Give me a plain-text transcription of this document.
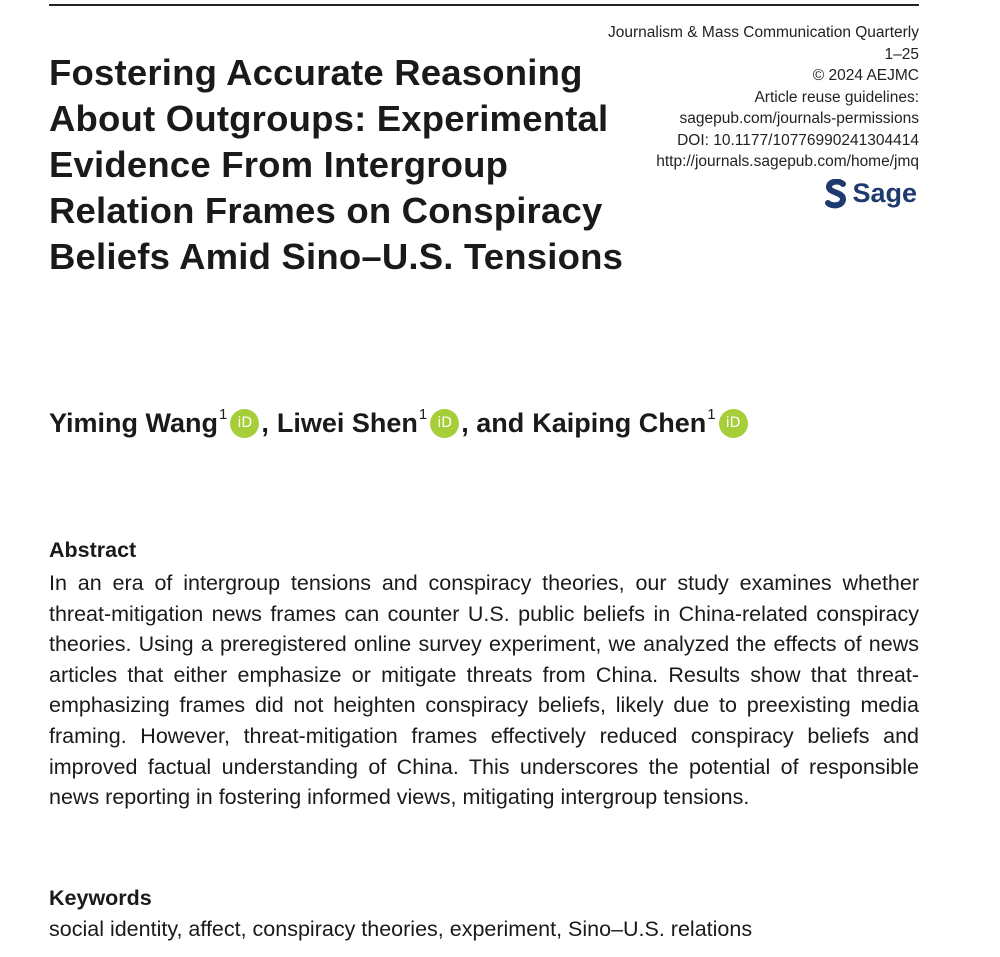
Journalism & Mass Communication Quarterly
1–25
© 2024 AEJMC
Article reuse guidelines:
sagepub.com/journals-permissions
DOI: 10.1177/10776990241304414
http://journals.sagepub.com/home/jmq
Sage
Fostering Accurate Reasoning About Outgroups: Experimental Evidence From Intergroup Relation Frames on Conspiracy Beliefs Amid Sino–U.S. Tensions
Yiming Wang$^1$ iD , Liwei Shen$^1$ iD , and Kaiping Chen$^1$ iD
Abstract

In an era of intergroup tensions and conspiracy theories, our study examines whether threat-mitigation news frames can counter U.S. public beliefs in China-related conspiracy theories. Using a preregistered online survey experiment, we analyzed the effects of news articles that either emphasize or mitigate threats from China. Results show that threat-emphasizing frames did not heighten conspiracy beliefs, likely due to preexisting media framing. However, threat-mitigation frames effectively reduced conspiracy beliefs and improved factual understanding of China. This underscores the potential of responsible news reporting in fostering informed views, mitigating intergroup tensions.

Keywords
social identity, affect, conspiracy theories, experiment, Sino–U.S. relations
